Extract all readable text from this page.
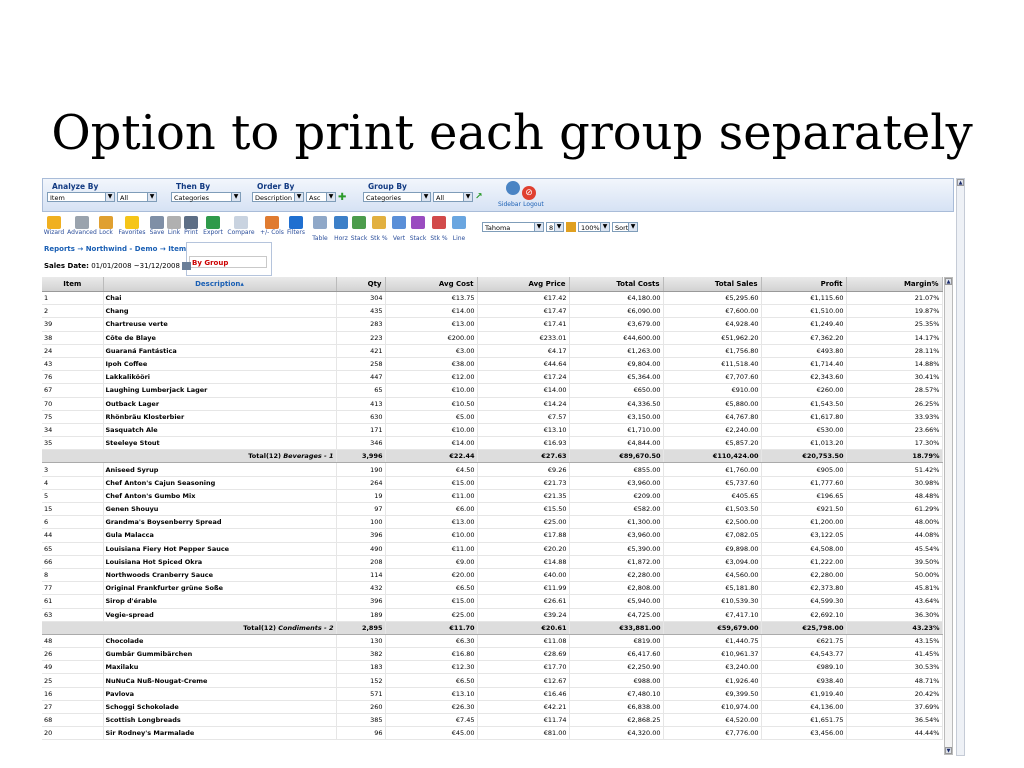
Option to print each group separately
▲
Analyze By
Item	▼ All	▼
Then By
Categories	▼
Order By
Description ▼ Asc	▼ ✚
Group By
Categories	▼ All	▼ ↗	⊘
Sidebar Logout
Wizard Advanced Lock Favorites Save Link Print Export Compare +/- Cols Filters
Table	Horz Stack Stk % Vert Stack Stk % Line
Tahoma	▼ 8 ▼	100% ▼ Sort ▼
Reports → Northwind - Demo → Item
By Group
Sales Date: 01/01/2008 ~31/12/2008
Item	Description▴	Qty	Avg Cost	Avg Price	Total Costs	Total Sales	Profit	Margin%
1	Chai	304	€13.75	€17.42	€4,180.00	€5,295.60	€1,115.60	21.07%
2	Chang	435	€14.00	€17.47	€6,090.00	€7,600.00	€1,510.00	19.87%
39	Chartreuse verte	283	€13.00	€17.41	€3,679.00	€4,928.40	€1,249.40	25.35%
38	Côte de Blaye	223	€200.00	€233.01	€44,600.00	€51,962.20	€7,362.20	14.17%
24	Guaraná Fantástica	421	€3.00	€4.17	€1,263.00	€1,756.80	€493.80	28.11%
43	Ipoh Coffee	258	€38.00	€44.64	€9,804.00	€11,518.40	€1,714.40	14.88%
76	Lakkalikööri	447	€12.00	€17.24	€5,364.00	€7,707.60	€2,343.60	30.41%
67	Laughing Lumberjack Lager	65	€10.00	€14.00	€650.00	€910.00	€260.00	28.57%
70	Outback Lager	413	€10.50	€14.24	€4,336.50	€5,880.00	€1,543.50	26.25%
75	Rhönbräu Klosterbier	630	€5.00	€7.57	€3,150.00	€4,767.80	€1,617.80	33.93%
34	Sasquatch Ale	171	€10.00	€13.10	€1,710.00	€2,240.00	€530.00	23.66%
35	Steeleye Stout	346	€14.00	€16.93	€4,844.00	€5,857.20	€1,013.20	17.30%
Total(12) Beverages - 1		3,996	€22.44	€27.63	€89,670.50	€110,424.00	€20,753.50	18.79%
3	Aniseed Syrup	190	€4.50	€9.26	€855.00	€1,760.00	€905.00	51.42%
4	Chef Anton's Cajun Seasoning	264	€15.00	€21.73	€3,960.00	€5,737.60	€1,777.60	30.98%
5	Chef Anton's Gumbo Mix	19	€11.00	€21.35	€209.00	€405.65	€196.65	48.48%
15	Genen Shouyu	97	€6.00	€15.50	€582.00	€1,503.50	€921.50	61.29%
6	Grandma's Boysenberry Spread	100	€13.00	€25.00	€1,300.00	€2,500.00	€1,200.00	48.00%
44	Gula Malacca	396	€10.00	€17.88	€3,960.00	€7,082.05	€3,122.05	44.08%
65	Louisiana Fiery Hot Pepper Sauce	490	€11.00	€20.20	€5,390.00	€9,898.00	€4,508.00	45.54%
66	Louisiana Hot Spiced Okra	208	€9.00	€14.88	€1,872.00	€3,094.00	€1,222.00	39.50%
8	Northwoods Cranberry Sauce	114	€20.00	€40.00	€2,280.00	€4,560.00	€2,280.00	50.00%
77	Original Frankfurter grüne Soße	432	€6.50	€11.99	€2,808.00	€5,181.80	€2,373.80	45.81%
61	Sirop d'érable	396	€15.00	€26.61	€5,940.00	€10,539.30	€4,599.30	43.64%
63	Vegie-spread	189	€25.00	€39.24	€4,725.00	€7,417.10	€2,692.10	36.30%
Total(12) Condiments - 2		2,895	€11.70	€20.61	€33,881.00	€59,679.00	€25,798.00	43.23%
48	Chocolade	130	€6.30	€11.08	€819.00	€1,440.75	€621.75	43.15%
26	Gumbär Gummibärchen	382	€16.80	€28.69	€6,417.60	€10,961.37	€4,543.77	41.45%
49	Maxilaku	183	€12.30	€17.70	€2,250.90	€3,240.00	€989.10	30.53%
25	NuNuCa Nuß-Nougat-Creme	152	€6.50	€12.67	€988.00	€1,926.40	€938.40	48.71%
16	Pavlova	571	€13.10	€16.46	€7,480.10	€9,399.50	€1,919.40	20.42%
27	Schoggi Schokolade	260	€26.30	€42.21	€6,838.00	€10,974.00	€4,136.00	37.69%
68	Scottish Longbreads	385	€7.45	€11.74	€2,868.25	€4,520.00	€1,651.75	36.54%
20	Sir Rodney's Marmalade	96	€45.00	€81.00	€4,320.00	€7,776.00	€3,456.00	44.44%
▲
▼
